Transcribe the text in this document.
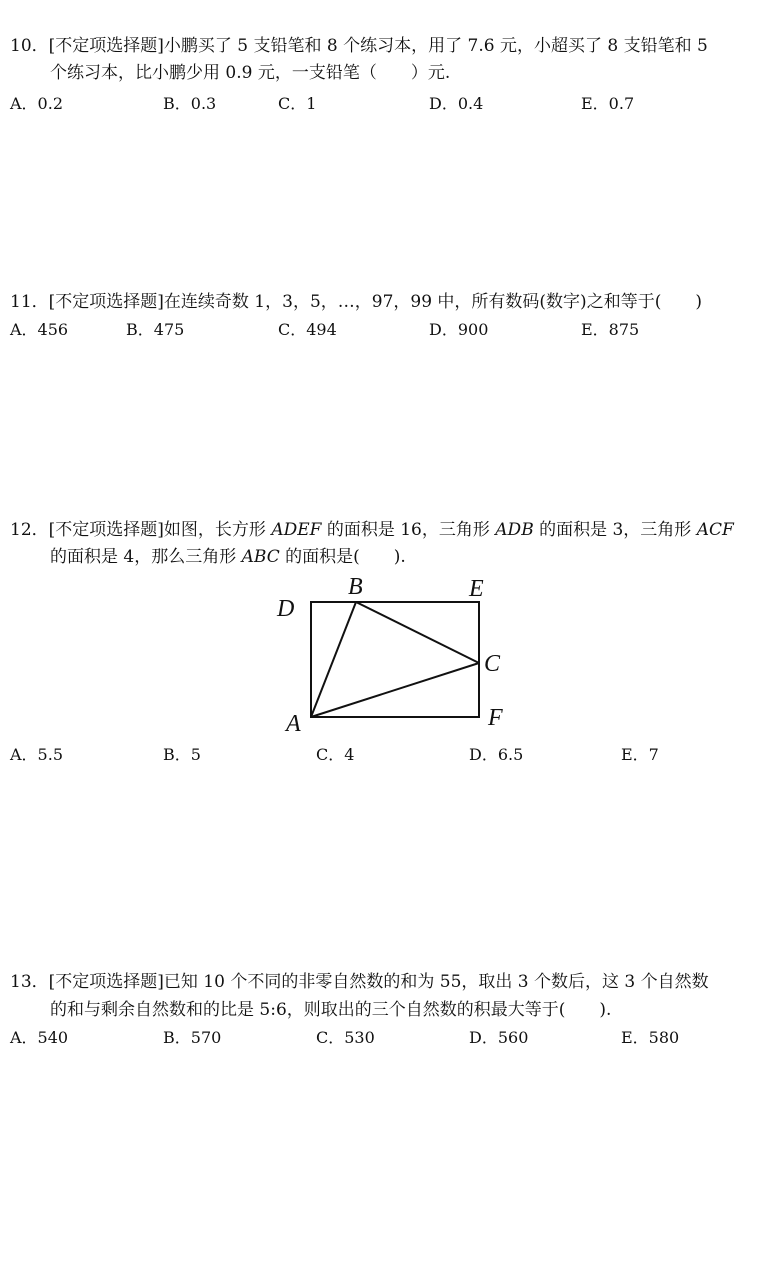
10．[不定项选择题]小鹏买了 5 支铅笔和 8 个练习本，用了 7.6 元，小超买了 8 支铅笔和 5
个练习本，比小鹏少用 0.9 元，一支铅笔（　　）元.
A．0.2	B．0.3	C．1	D．0.4	E．0.7
11．[不定项选择题]在连续奇数 1，3，5，…，97，99 中，所有数码(数字)之和等于(　　)
A．456	B．475	C．494	D．900	E．875
12．[不定项选择题]如图，长方形 ADEF 的面积是 16，三角形 ADB 的面积是 3，三角形 ACF
的面积是 4，那么三角形 ABC 的面积是(　　).
D
B	E
C
A	F
A．5.5	B．5	C．4	D．6.5	E．7
13．[不定项选择题]已知 10 个不同的非零自然数的和为 55，取出 3 个数后，这 3 个自然数
的和与剩余自然数和的比是 5:6，则取出的三个自然数的积最大等于(　　).
A．540	B．570	C．530	D．560	E．580
